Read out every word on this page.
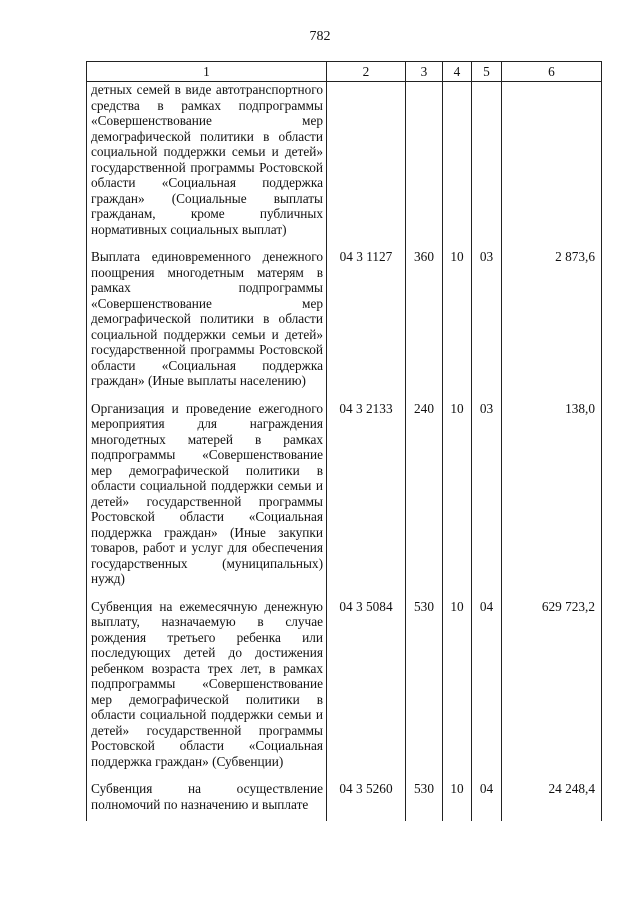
782
1	2	3	4	5	6
детных семей в виде автотранспортного средства в рамках подпрограммы «Совершенствование мер демографической политики в области социальной поддержки семьи и детей» государственной программы Ростовской области «Социальная поддержка граждан» (Социальные выплаты гражданам, кроме публичных нормативных социальных выплат)					
Выплата единовременного денежного поощрения многодетным матерям в рамках подпрограммы «Совершенствование мер демографической политики в области социальной поддержки семьи и детей» государственной программы Ростовской области «Социальная поддержка граждан» (Иные выплаты населению)	04 3 1127	360	10	03	2 873,6
Организация и проведение ежегодного мероприятия для награждения многодетных матерей в рамках подпрограммы «Совершенствование мер демографической политики в области социальной поддержки семьи и детей» государственной программы Ростовской области «Социальная поддержка граждан» (Иные закупки товаров, работ и услуг для обеспечения государственных (муниципальных) нужд)	04 3 2133	240	10	03	138,0
Субвенция на ежемесячную денежную выплату, назначаемую в случае рождения третьего ребенка или последующих детей до достижения ребенком возраста трех лет, в рамках подпрограммы «Совершенствование мер демографической политики в области социальной поддержки семьи и детей» государственной программы Ростовской области «Социальная поддержка граждан» (Субвенции)	04 3 5084	530	10	04	629 723,2
Субвенция на осуществление полномочий по назначению и выплате	04 3 5260	530	10	04	24 248,4
